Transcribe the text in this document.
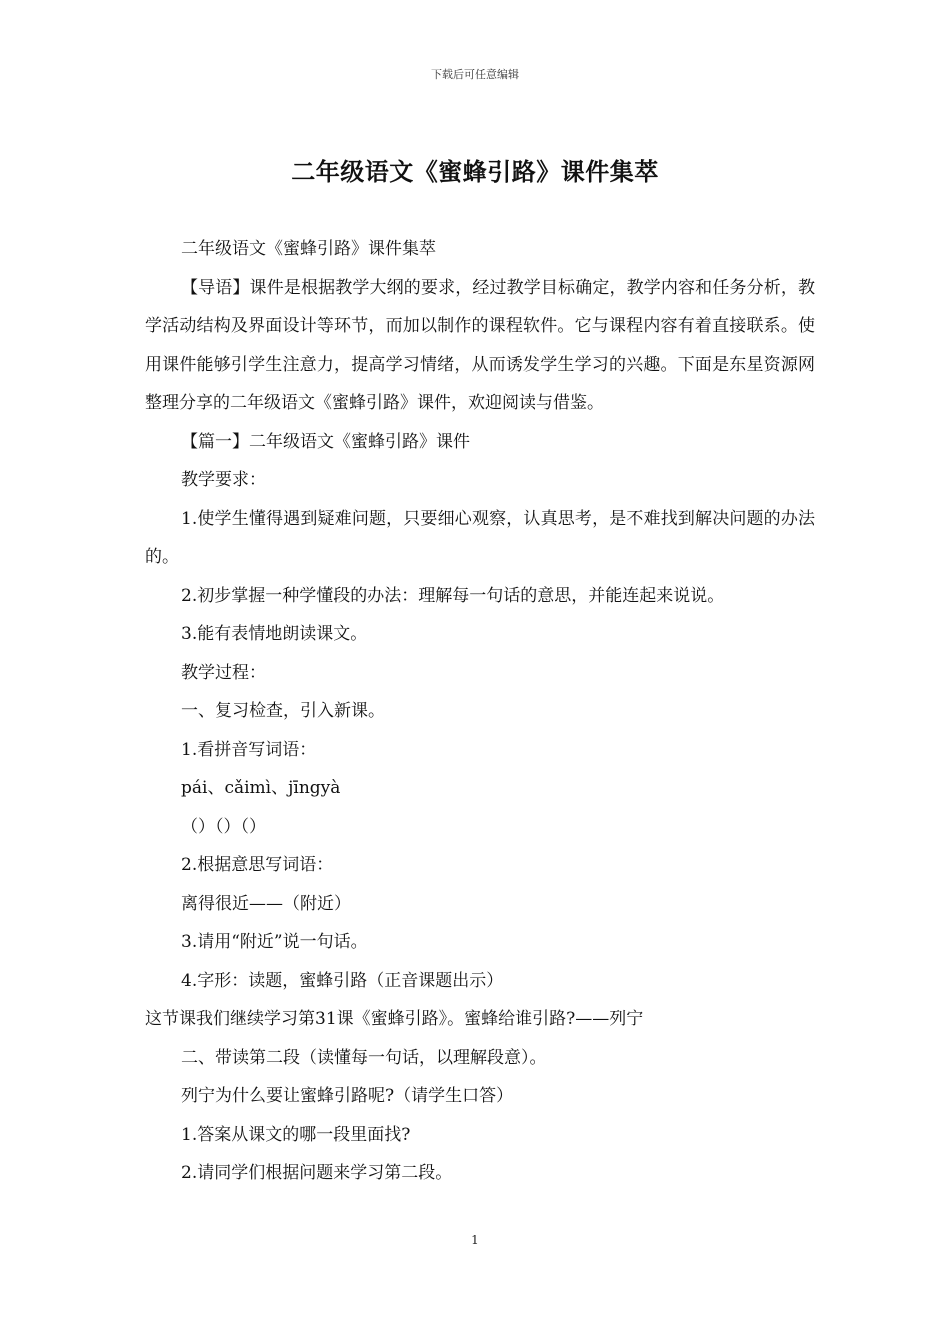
下载后可任意编辑
二年级语文《蜜蜂引路》课件集萃

二年级语文《蜜蜂引路》课件集萃

【导语】课件是根据教学大纲的要求，经过教学目标确定，教学内容和任务分析，教学活动结构及界面设计等环节，而加以制作的课程软件。它与课程内容有着直接联系。使用课件能够引学生注意力，提高学习情绪，从而诱发学生学习的兴趣。下面是东星资源网整理分享的二年级语文《蜜蜂引路》课件，欢迎阅读与借鉴。

【篇一】二年级语文《蜜蜂引路》课件

教学要求：

1.使学生懂得遇到疑难问题，只要细心观察，认真思考，是不难找到解决问题的办法的。

2.初步掌握一种学懂段的办法：理解每一句话的意思，并能连起来说说。

3.能有表情地朗读课文。

教学过程：

一、复习检查，引入新课。

1.看拼音写词语：

pái、cǎimì、jīngyà

（）（）（）

2.根据意思写词语：

离得很近——（附近）

3.请用“附近”说一句话。

4.字形：读题，蜜蜂引路（正音课题出示）

这节课我们继续学习第31课《蜜蜂引路》。蜜蜂给谁引路?——列宁

二、带读第二段（读懂每一句话，以理解段意）。

列宁为什么要让蜜蜂引路呢?（请学生口答）

1.答案从课文的哪一段里面找?

2.请同学们根据问题来学习第二段。

1
